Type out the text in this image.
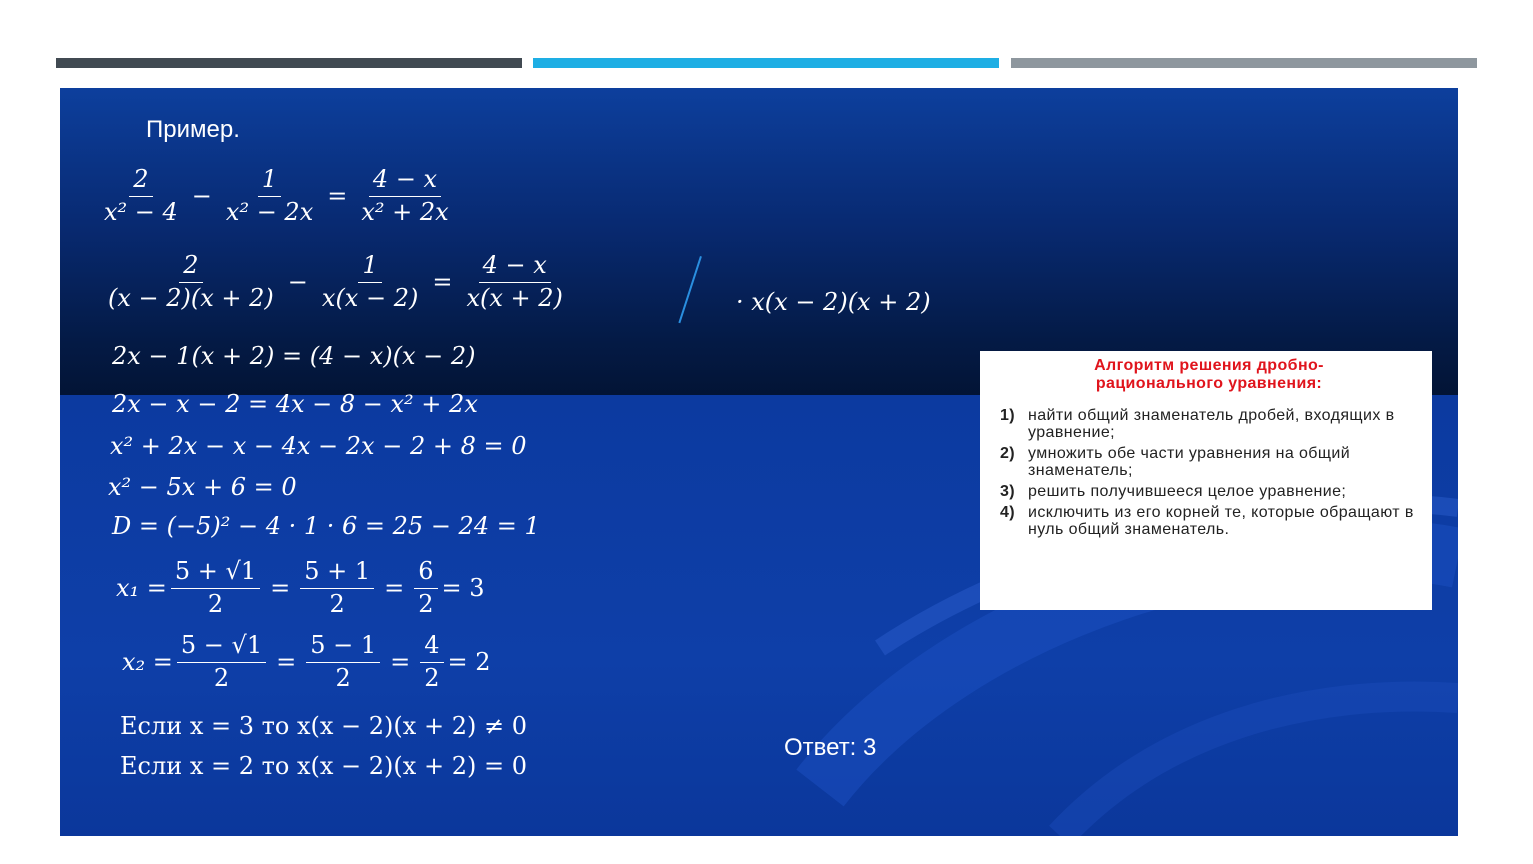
Пример.
$\frac{2}{\text{x² − 4}} - \frac{1}{\text{x² − 2x}} = \frac{4 - x}{\text{x² + 2x}}$
$\frac{2}{(x - 2)(x + 2)} - \frac{1}{x(x - 2)} = \frac{4 - x}{x(x + 2)}$	· x(x − 2)(x + 2)
2x − 1(x + 2) = (4 − x)(x − 2)
2x − x − 2 = 4x − 8 − x² + 2x
x² + 2x − x − 4x − 2x − 2 + 8 = 0
x² − 5x + 6 = 0
D = (−5)² − 4 · 1 · 6 = 25 − 24 = 1
$x_1 = \frac{5 + √1}{2} = \frac{5 + 1}{2} = \frac{6}{2} = 3$
$x_2 = \frac{5 - √1}{2} = \frac{5 - 1}{2} = \frac{4}{2} = 2$
Если x = 3 то x(x − 2)(x + 2) ≠ 0
Если x = 2 то x(x − 2)(x + 2) = 0
Ответ: 3
Алгоритм решения дробно-
рационального уравнения:
1) найти общий знаменатель дробей, входящих в уравнение;
2) умножить обе части уравнения на общий знаменатель;
3) решить получившееся целое уравнение;
4) исключить из его корней те, которые обращают в нуль общий знаменатель.
